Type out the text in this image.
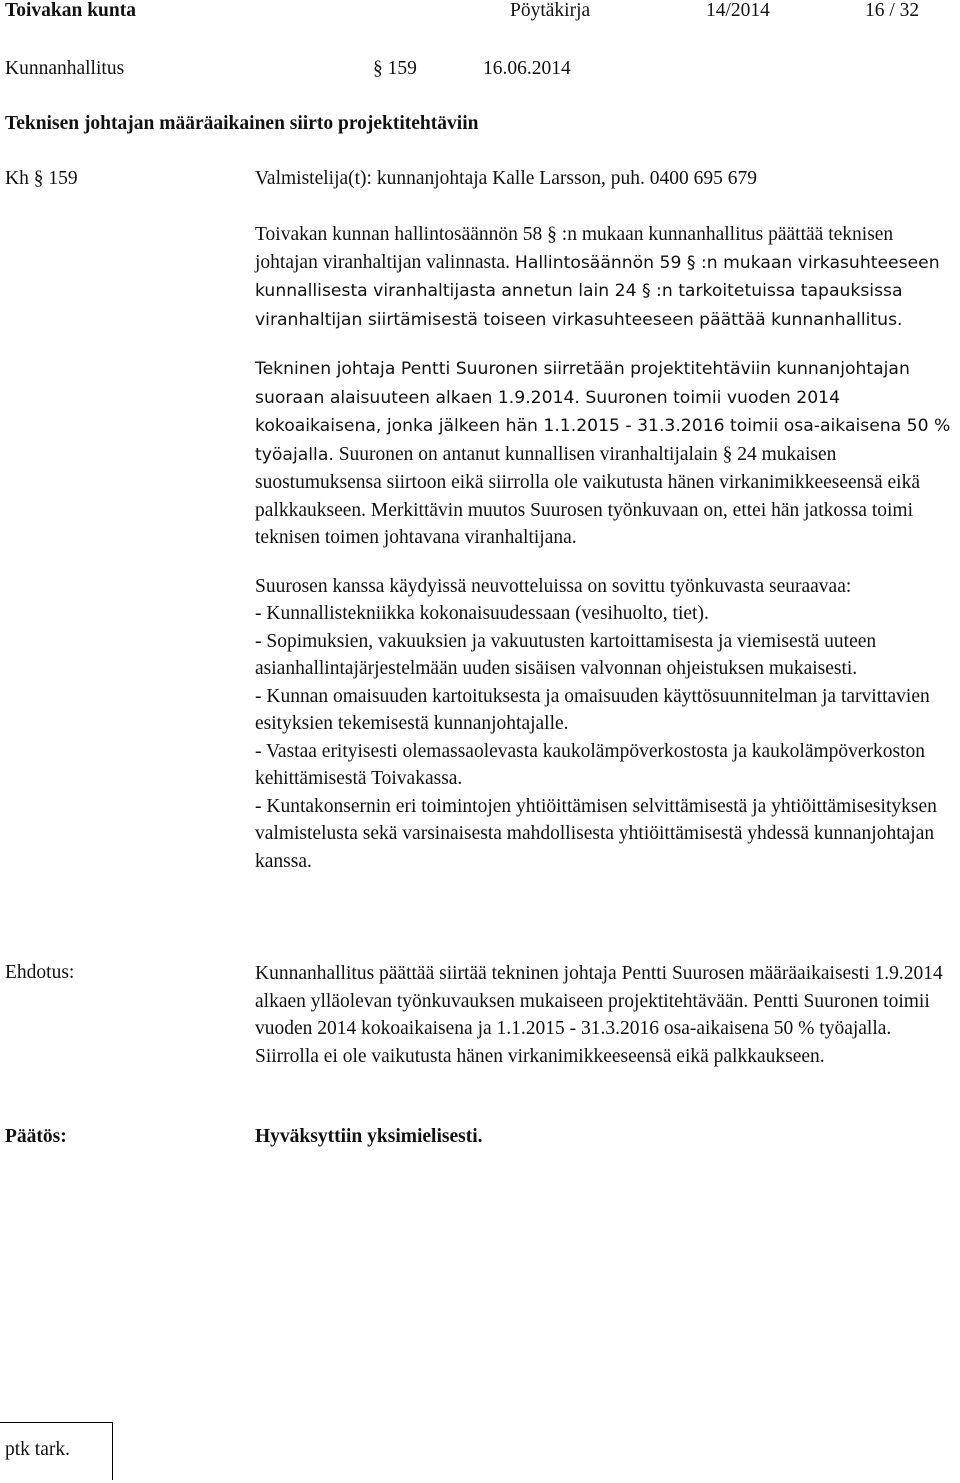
Toivakan kunta	Pöytäkirja	14/2014	16 / 32
Kunnanhallitus	§ 159	16.06.2014
Teknisen johtajan määräaikainen siirto projektitehtäviin
Kh § 159	Valmistelija(t): kunnanjohtaja Kalle Larsson, puh. 0400 695 679

Toivakan kunnan hallintosäännön 58 § :n mukaan kunnanhallitus päättää teknisen johtajan viranhaltijan valinnasta. Hallintosäännön 59 § :n mukaan virkasuhteeseen kunnallisesta viranhaltijasta annetun lain 24 § :n tarkoitetuissa tapauksissa viranhaltijan siirtämisestä toiseen virkasuhteeseen päättää kunnanhallitus.

Tekninen johtaja Pentti Suuronen siirretään projektitehtäviin kunnanjohtajan suoraan alaisuuteen alkaen 1.9.2014. Suuronen toimii vuoden 2014 kokoaikaisena, jonka jälkeen hän 1.1.2015 - 31.3.2016 toimii osa-aikaisena 50 % työajalla. Suuronen on antanut kunnallisen viranhaltijalain § 24 mukaisen suostumuksensa siirtoon eikä siirrolla ole vaikutusta hänen virkanimikkeeseensä eikä palkkaukseen. Merkittävin muutos Suurosen työnkuvaan on, ettei hän jatkossa toimi teknisen toimen johtavana viranhaltijana.

Suurosen kanssa käydyissä neuvotteluissa on sovittu työnkuvasta seuraavaa:

- Kunnallistekniikka kokonaisuudessaan (vesihuolto, tiet).

- Sopimuksien, vakuuksien ja vakuutusten kartoittamisesta ja viemisestä uuteen asianhallintajärjestelmään uuden sisäisen valvonnan ohjeistuksen mukaisesti.

- Kunnan omaisuuden kartoituksesta ja omaisuuden käyttösuunnitelman ja tarvittavien esityksien tekemisestä kunnanjohtajalle.

- Vastaa erityisesti olemassaolevasta kaukolämpöverkostosta ja kaukolämpöverkoston kehittämisestä Toivakassa.

- Kuntakonsernin eri toimintojen yhtiöittämisen selvittämisestä ja yhtiöittämisesityksen valmistelusta sekä varsinaisesta mahdollisesta yhtiöittämisestä yhdessä kunnanjohtajan kanssa.

Ehdotus:	Kunnanhallitus päättää siirtää tekninen johtaja Pentti Suurosen määräaikaisesti 1.9.2014 alkaen ylläolevan työnkuvauksen mukaiseen projektitehtävään. Pentti Suuronen toimii vuoden 2014 kokoaikaisena ja 1.1.2015 - 31.3.2016 osa-aikaisena 50 % työajalla. Siirrolla ei ole vaikutusta hänen virkanimikkeeseensä eikä palkkaukseen.
Päätös:	Hyväksyttiin yksimielisesti.
ptk tark.
